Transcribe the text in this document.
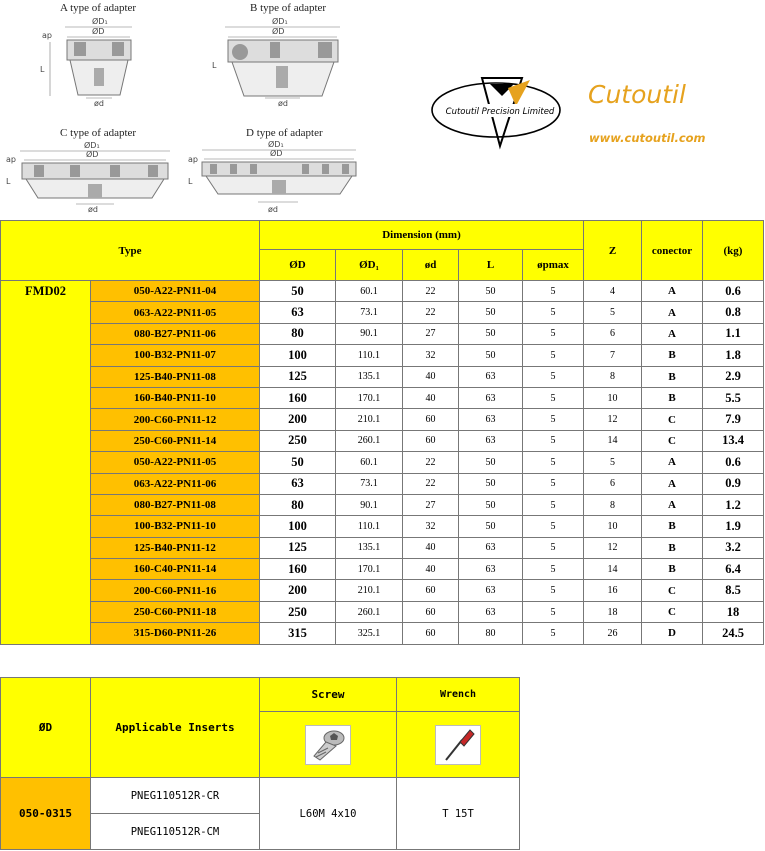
A type of adapter
ØD₁
ØD
ap
L
ød
B type of adapter
ØD₁
ØD
L
ød
C type of adapter
ØD₁
ØD
ap
L
ød
D type of adapter
ØD₁
ØD
ap
L
ød
Cutoutil Precision Limited
Cutoutil
www.cutoutil.com
Type		Dimension (mm)					Z	conector	(kg)
		ØD	ØD₁	ød	L	øpmax			
FMD02	050-A22-PN11-04	50	60.1	22	50	5	4	A	0.6
	063-A22-PN11-05	63	73.1	22	50	5	5	A	0.8
	080-B27-PN11-06	80	90.1	27	50	5	6	A	1.1
	100-B32-PN11-07	100	110.1	32	50	5	7	B	1.8
	125-B40-PN11-08	125	135.1	40	63	5	8	B	2.9
	160-B40-PN11-10	160	170.1	40	63	5	10	B	5.5
	200-C60-PN11-12	200	210.1	60	63	5	12	C	7.9
	250-C60-PN11-14	250	260.1	60	63	5	14	C	13.4
	050-A22-PN11-05	50	60.1	22	50	5	5	A	0.6
	063-A22-PN11-06	63	73.1	22	50	5	6	A	0.9
	080-B27-PN11-08	80	90.1	27	50	5	8	A	1.2
	100-B32-PN11-10	100	110.1	32	50	5	10	B	1.9
	125-B40-PN11-12	125	135.1	40	63	5	12	B	3.2
	160-C40-PN11-14	160	170.1	40	63	5	14	B	6.4
	200-C60-PN11-16	200	210.1	60	63	5	16	C	8.5
	250-C60-PN11-18	250	260.1	60	63	5	18	C	18
	315-D60-PN11-26	315	325.1	60	80	5	26	D	24.5
ØD	Applicable Inserts	Screw	Wrench

050-0315	PNEG110512R-CR	L60M 4x10	T 15T
	PNEG110512R-CM		
